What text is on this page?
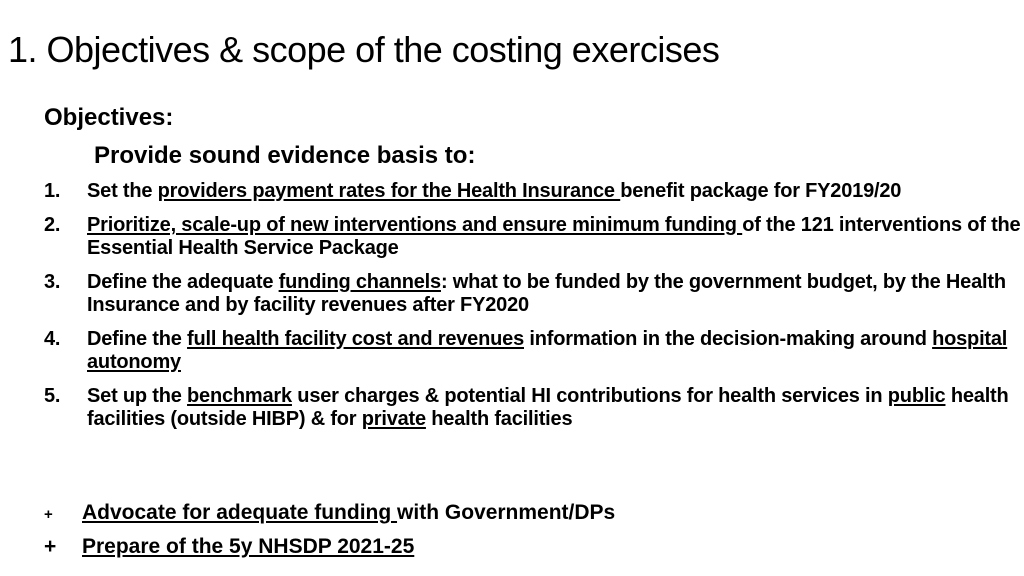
1. Objectives & scope of the costing exercises
Objectives:
Provide sound evidence basis to:
1. Set the providers payment rates for the Health Insurance benefit package for FY2019/20
2. Prioritize, scale-up of new interventions and ensure minimum funding of the 121 interventions of the Essential Health Service Package
3. Define the adequate funding channels: what to be funded by the government budget, by the Health Insurance and by facility revenues after FY2020
4. Define the full health facility cost and revenues information in the decision-making around hospital autonomy
5. Set up the benchmark user charges & potential HI contributions for health services in public health facilities (outside HIBP) & for private health facilities
+ Advocate for adequate funding with Government/DPs
+ Prepare of the 5y NHSDP 2021-25
